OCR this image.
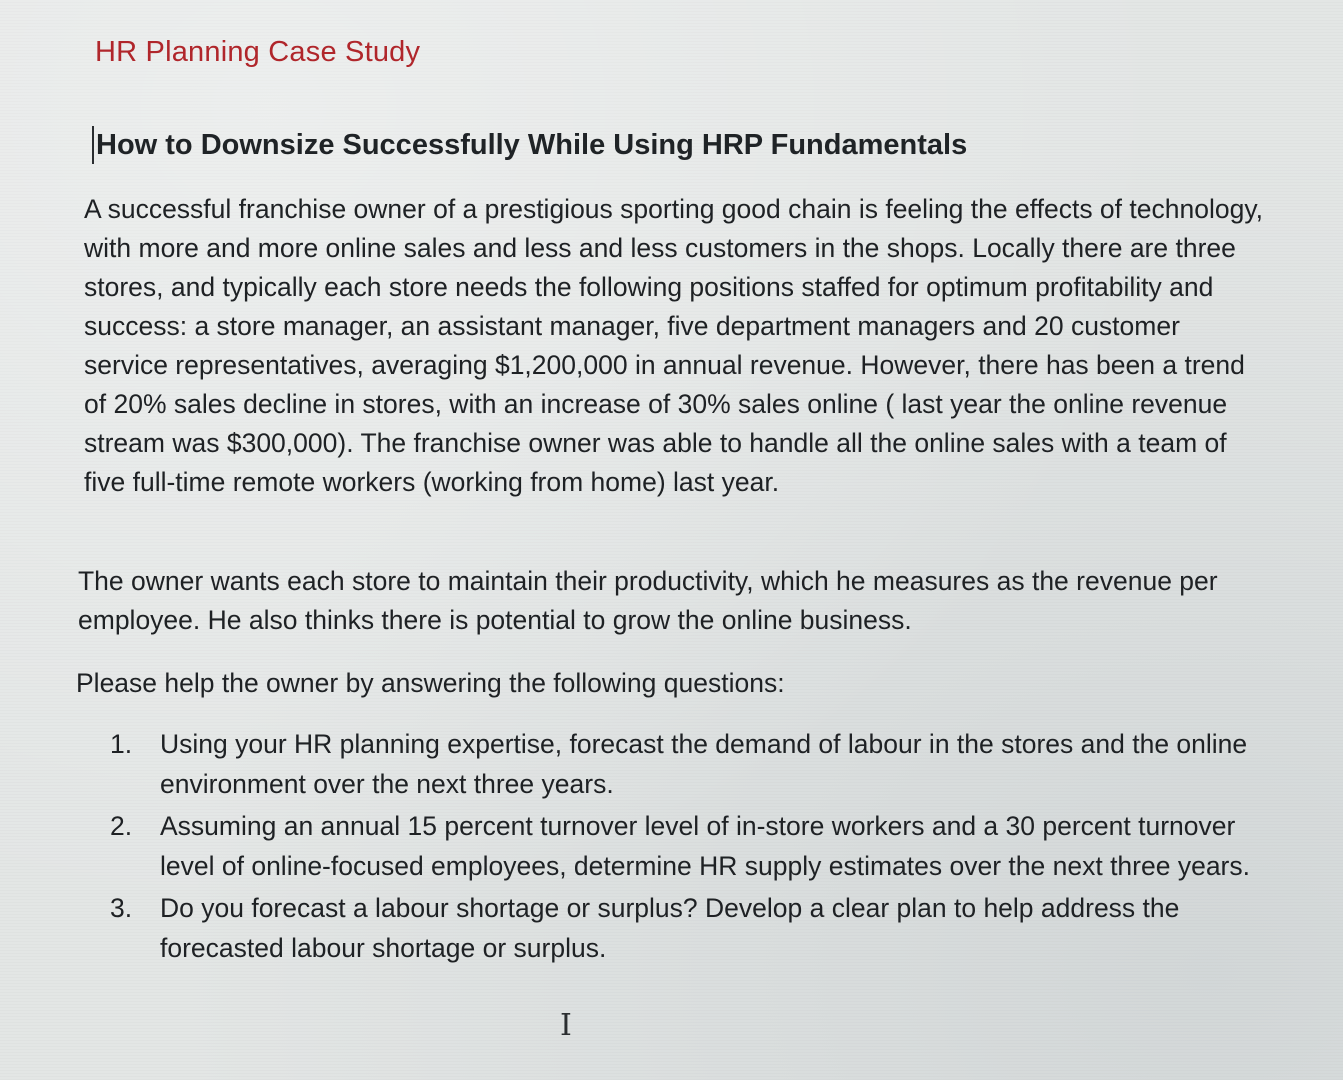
HR Planning Case Study
How to Downsize Successfully While Using HRP Fundamentals

A successful franchise owner of a prestigious sporting good chain is feeling the effects of technology, with more and more online sales and less and less customers in the shops. Locally there are three stores, and typically each store needs the following positions staffed for optimum profitability and success: a store manager, an assistant manager, five department managers and 20 customer service representatives, averaging $1,200,000 in annual revenue. However, there has been a trend of 20% sales decline in stores, with an increase of 30% sales online ( last year the online revenue stream was $300,000). The franchise owner was able to handle all the online sales with a team of five full-time remote workers (working from home) last year.

The owner wants each store to maintain their productivity, which he measures as the revenue per employee. He also thinks there is potential to grow the online business.

Please help the owner by answering the following questions:

1.	Using your HR planning expertise, forecast the demand of labour in the stores and the online environment over the next three years.
2.	Assuming an annual 15 percent turnover level of in-store workers and a 30 percent turnover level of online-focused employees, determine HR supply estimates over the next three years.
3.	Do you forecast a labour shortage or surplus? Develop a clear plan to help address the forecasted labour shortage or surplus.
I
